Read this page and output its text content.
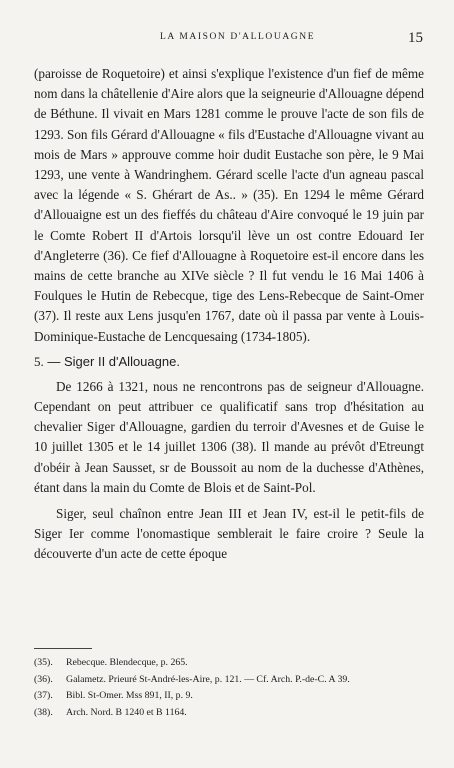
LA MAISON D'ALLOUAGNE	15

(paroisse de Roquetoire) et ainsi s'explique l'existence d'un fief de même nom dans la châtellenie d'Aire alors que la seigneurie d'Allouagne dépend de Béthune. Il vivait en Mars 1281 comme le prouve l'acte de son fils de 1293. Son fils Gérard d'Allouagne « fils d'Eustache d'Allouagne vivant au mois de Mars » approuve comme hoir dudit Eustache son père, le 9 Mai 1293, une vente à Wandringhem. Gérard scelle l'acte d'un agneau pascal avec la légende « S. Ghérart de As.. » (35). En 1294 le même Gérard d'Allouaigne est un des fieffés du château d'Aire convoqué le 19 juin par le Comte Robert II d'Artois lorsqu'il lève un ost contre Edouard Ier d'Angleterre (36). Ce fief d'Allouagne à Roquetoire est-il encore dans les mains de cette branche au XIVe siècle ? Il fut vendu le 16 Mai 1406 à Foulques le Hutin de Rebecque, tige des Lens-Rebecque de Saint-Omer (37). Il reste aux Lens jusqu'en 1767, date où il passa par vente à Louis-Dominique-Eustache de Lencquesaing (1734-1805).

5. — Siger II d'Allouagne.

De 1266 à 1321, nous ne rencontrons pas de seigneur d'Allouagne. Cependant on peut attribuer ce qualificatif sans trop d'hésitation au chevalier Siger d'Allouagne, gardien du terroir d'Avesnes et de Guise le 10 juillet 1305 et le 14 juillet 1306 (38). Il mande au prévôt d'Etreungt d'obéir à Jean Sausset, sr de Boussoit au nom de la duchesse d'Athènes, étant dans la main du Comte de Blois et de Saint-Pol.

Siger, seul chaînon entre Jean III et Jean IV, est-il le petit-fils de Siger Ier comme l'onomastique semblerait le faire croire ? Seule la découverte d'un acte de cette époque

(35).	Rebecque. Blendecque, p. 265.

(36).	Galametz. Prieuré St-André-les-Aire, p. 121. — Cf. Arch. P.-de-C. A 39.

(37).	Bibl. St-Omer. Mss 891, II, p. 9.

(38).	Arch. Nord. B 1240 et B 1164.
